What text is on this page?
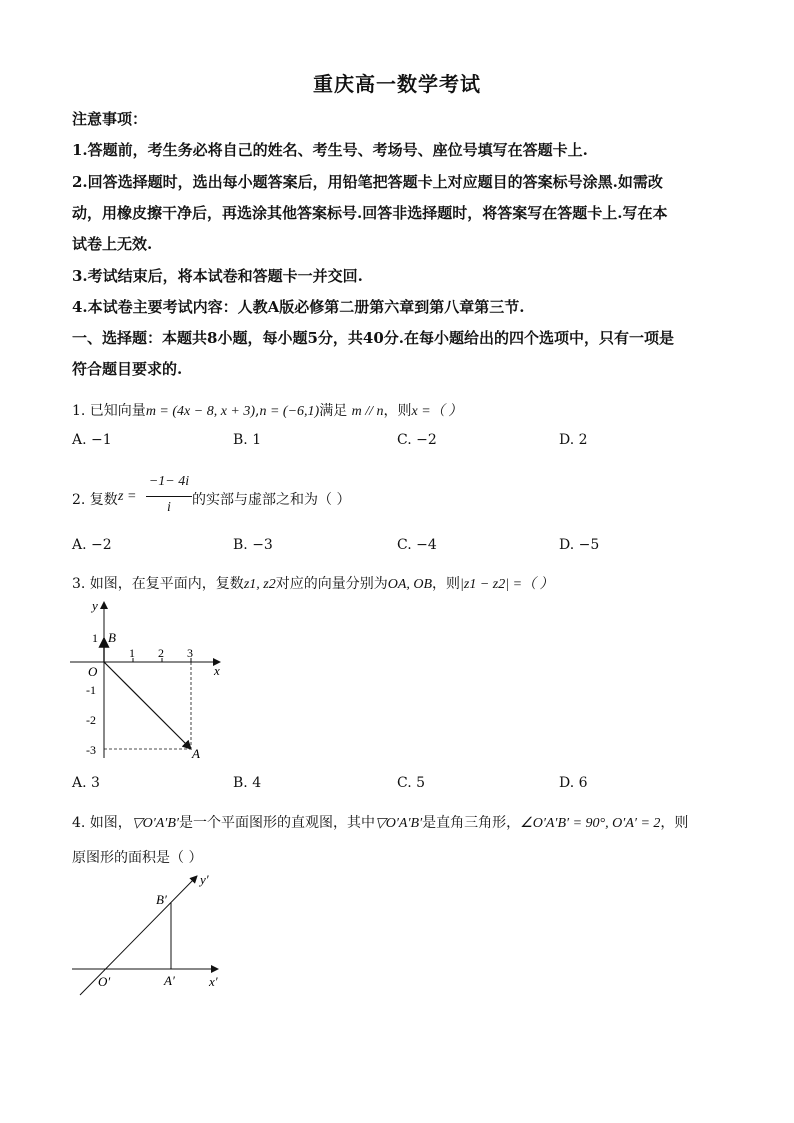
重庆高一数学考试
注意事项：
1.答题前，考生务必将自己的姓名、考生号、考场号、座位号填写在答题卡上.
2.回答选择题时，选出每小题答案后，用铅笔把答题卡上对应题目的答案标号涂黑.如需改
动，用橡皮擦干净后，再选涂其他答案标号.回答非选择题时，将答案写在答题卡上.写在本
试卷上无效.
3.考试结束后，将本试卷和答题卡一并交回.
4.本试卷主要考试内容：人教A版必修第二册第六章到第八章第三节.
一、选择题：本题共8小题，每小题5分，共40分.在每小题给出的四个选项中，只有一项是
符合题目要求的.
1. 已知向量m = (4x − 8, x + 3),n = (−6,1)满足 m // n，则x =（ ）
A. −1	B. 1	C. −2	D. 2
2. 复数 z =
−1− 4i
i	的实部与虚部之和为（ ）
A. −2	B. −3	C. −4	D. −5
3. 如图，在复平面内，复数z1, z2对应的向量分别为OA, OB，则|z1 − z2| =（ ）
y
x
O
1 2 3
1
-1
-2
-3
B
A
A. 3	B. 4	C. 5	D. 6
4. 如图，▽O′A′B′是一个平面图形的直观图，其中▽O′A′B′是直角三角形，∠O′A′B′ = 90°, O′A′ = 2，则
原图形的面积是（ ）
y′
x′
O′	A′
B′
